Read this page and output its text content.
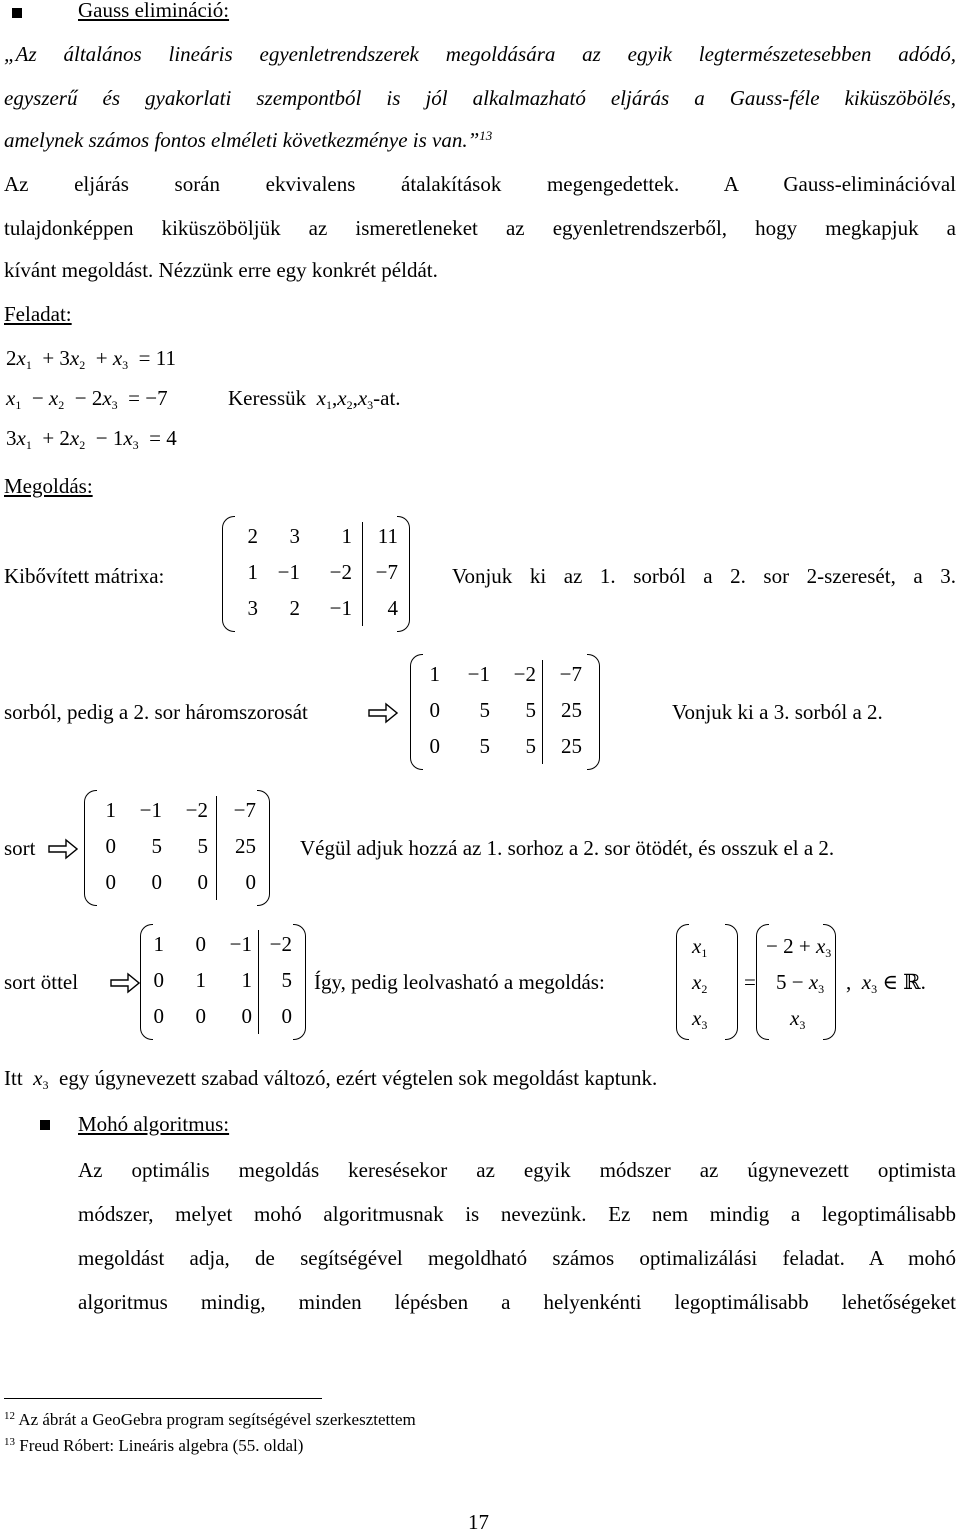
Gauss elimináció:
„Az általános lineáris egyenletrendszerek megoldására az egyik legtermészetesebben adódó,
egyszerű és gyakorlati szempontból is jól alkalmazható eljárás a Gauss-féle kiküszöbölés,
amelynek számos fontos elméleti következménye is van.”$^{13}$
Az eljárás során ekvivalens átalakítások megengedettek. A Gauss-eliminációval
tulajdonképpen kiküszöböljük az ismeretleneket az egyenletrendszerből, hogy megkapjuk a
kívánt megoldást. Nézzünk erre egy konkrét példát.
Feladat:
$2x_1 + 3x_2 + x_3 = 11$
$x_1 - x_2 - 2x_3 = -7$
$3x_1 + 2x_2 - 1x_3 = 4$
Keressük $x_1,x_2,x_3-at$.
Megoldás:
Kibővített mátrixa:
2	3	1	11
1 −1	−2	−7
3	2	−1	4
Vonjuk ki az 1. sorból a 2. sor 2-szeresét, a 3.
sorból, pedig a 2. sor háromszorosát
1	−1	−2	−7
0	5	5	25
0	5	5	25
Vonjuk ki a 3. sorból a 2.
sort
1	−1	−2	−7
0	5	5	25
0	0	0	0
Végül adjuk hozzá az 1. sorhoz a 2. sor ötödét, és osszuk el a 2.
sort öttel
1	0	−1 −2
0	1	1	5
0	0	0	0
Így, pedig leolvasható a megoldás:
$x_1$
$x_2$
$x_3$
=
− $2 + x_3$
$5 - x_3$
$x_3$
,  $x_3$ ∈ ℝ.
Itt $x_3$ egy úgynevezett szabad változó, ezért végtelen sok megoldást kaptunk.
Mohó algoritmus:
Az optimális megoldás keresésekor az egyik módszer az úgynevezett optimista
módszer, melyet mohó algoritmusnak is nevezünk. Ez nem mindig a legoptimálisabb
megoldást adja, de segítségével megoldható számos optimalizálási feladat. A mohó
algoritmus mindig, minden lépésben a helyenkénti legoptimálisabb lehetőségeket
$^{12}$ Az ábrát a GeoGebra program segítségével szerkesztettem
$^{13}$ Freud Róbert: Lineáris algebra (55. oldal)
17
